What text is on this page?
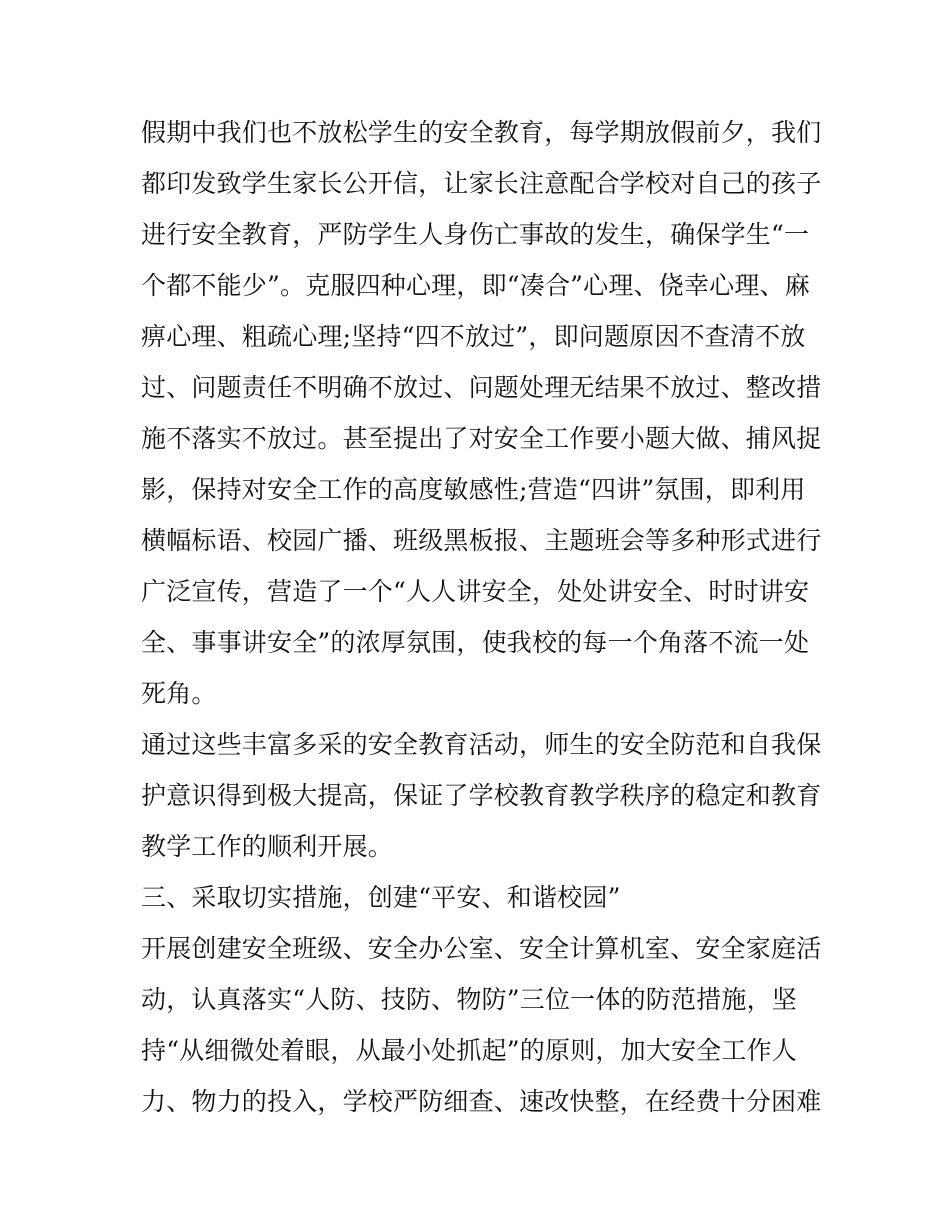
假期中我们也不放松学生的安全教育，每学期放假前夕，我们
都印发致学生家长公开信，让家长注意配合学校对自己的孩子
进行安全教育，严防学生人身伤亡事故的发生，确保学生“一
个都不能少”。克服四种心理，即“凑合”心理、侥幸心理、麻
痹心理、粗疏心理;坚持“四不放过”，即问题原因不查清不放
过、问题责任不明确不放过、问题处理无结果不放过、整改措
施不落实不放过。甚至提出了对安全工作要小题大做、捕风捉
影，保持对安全工作的高度敏感性;营造“四讲”氛围，即利用
横幅标语、校园广播、班级黑板报、主题班会等多种形式进行
广泛宣传，营造了一个“人人讲安全，处处讲安全、时时讲安
全、事事讲安全”的浓厚氛围，使我校的每一个角落不流一处
死角。
通过这些丰富多采的安全教育活动，师生的安全防范和自我保
护意识得到极大提高，保证了学校教育教学秩序的稳定和教育
教学工作的顺利开展。
三、采取切实措施，创建“平安、和谐校园”
开展创建安全班级、安全办公室、安全计算机室、安全家庭活
动，认真落实“人防、技防、物防”三位一体的防范措施，坚
持“从细微处着眼，从最小处抓起”的原则，加大安全工作人
力、物力的投入，学校严防细查、速改快整，在经费十分困难
